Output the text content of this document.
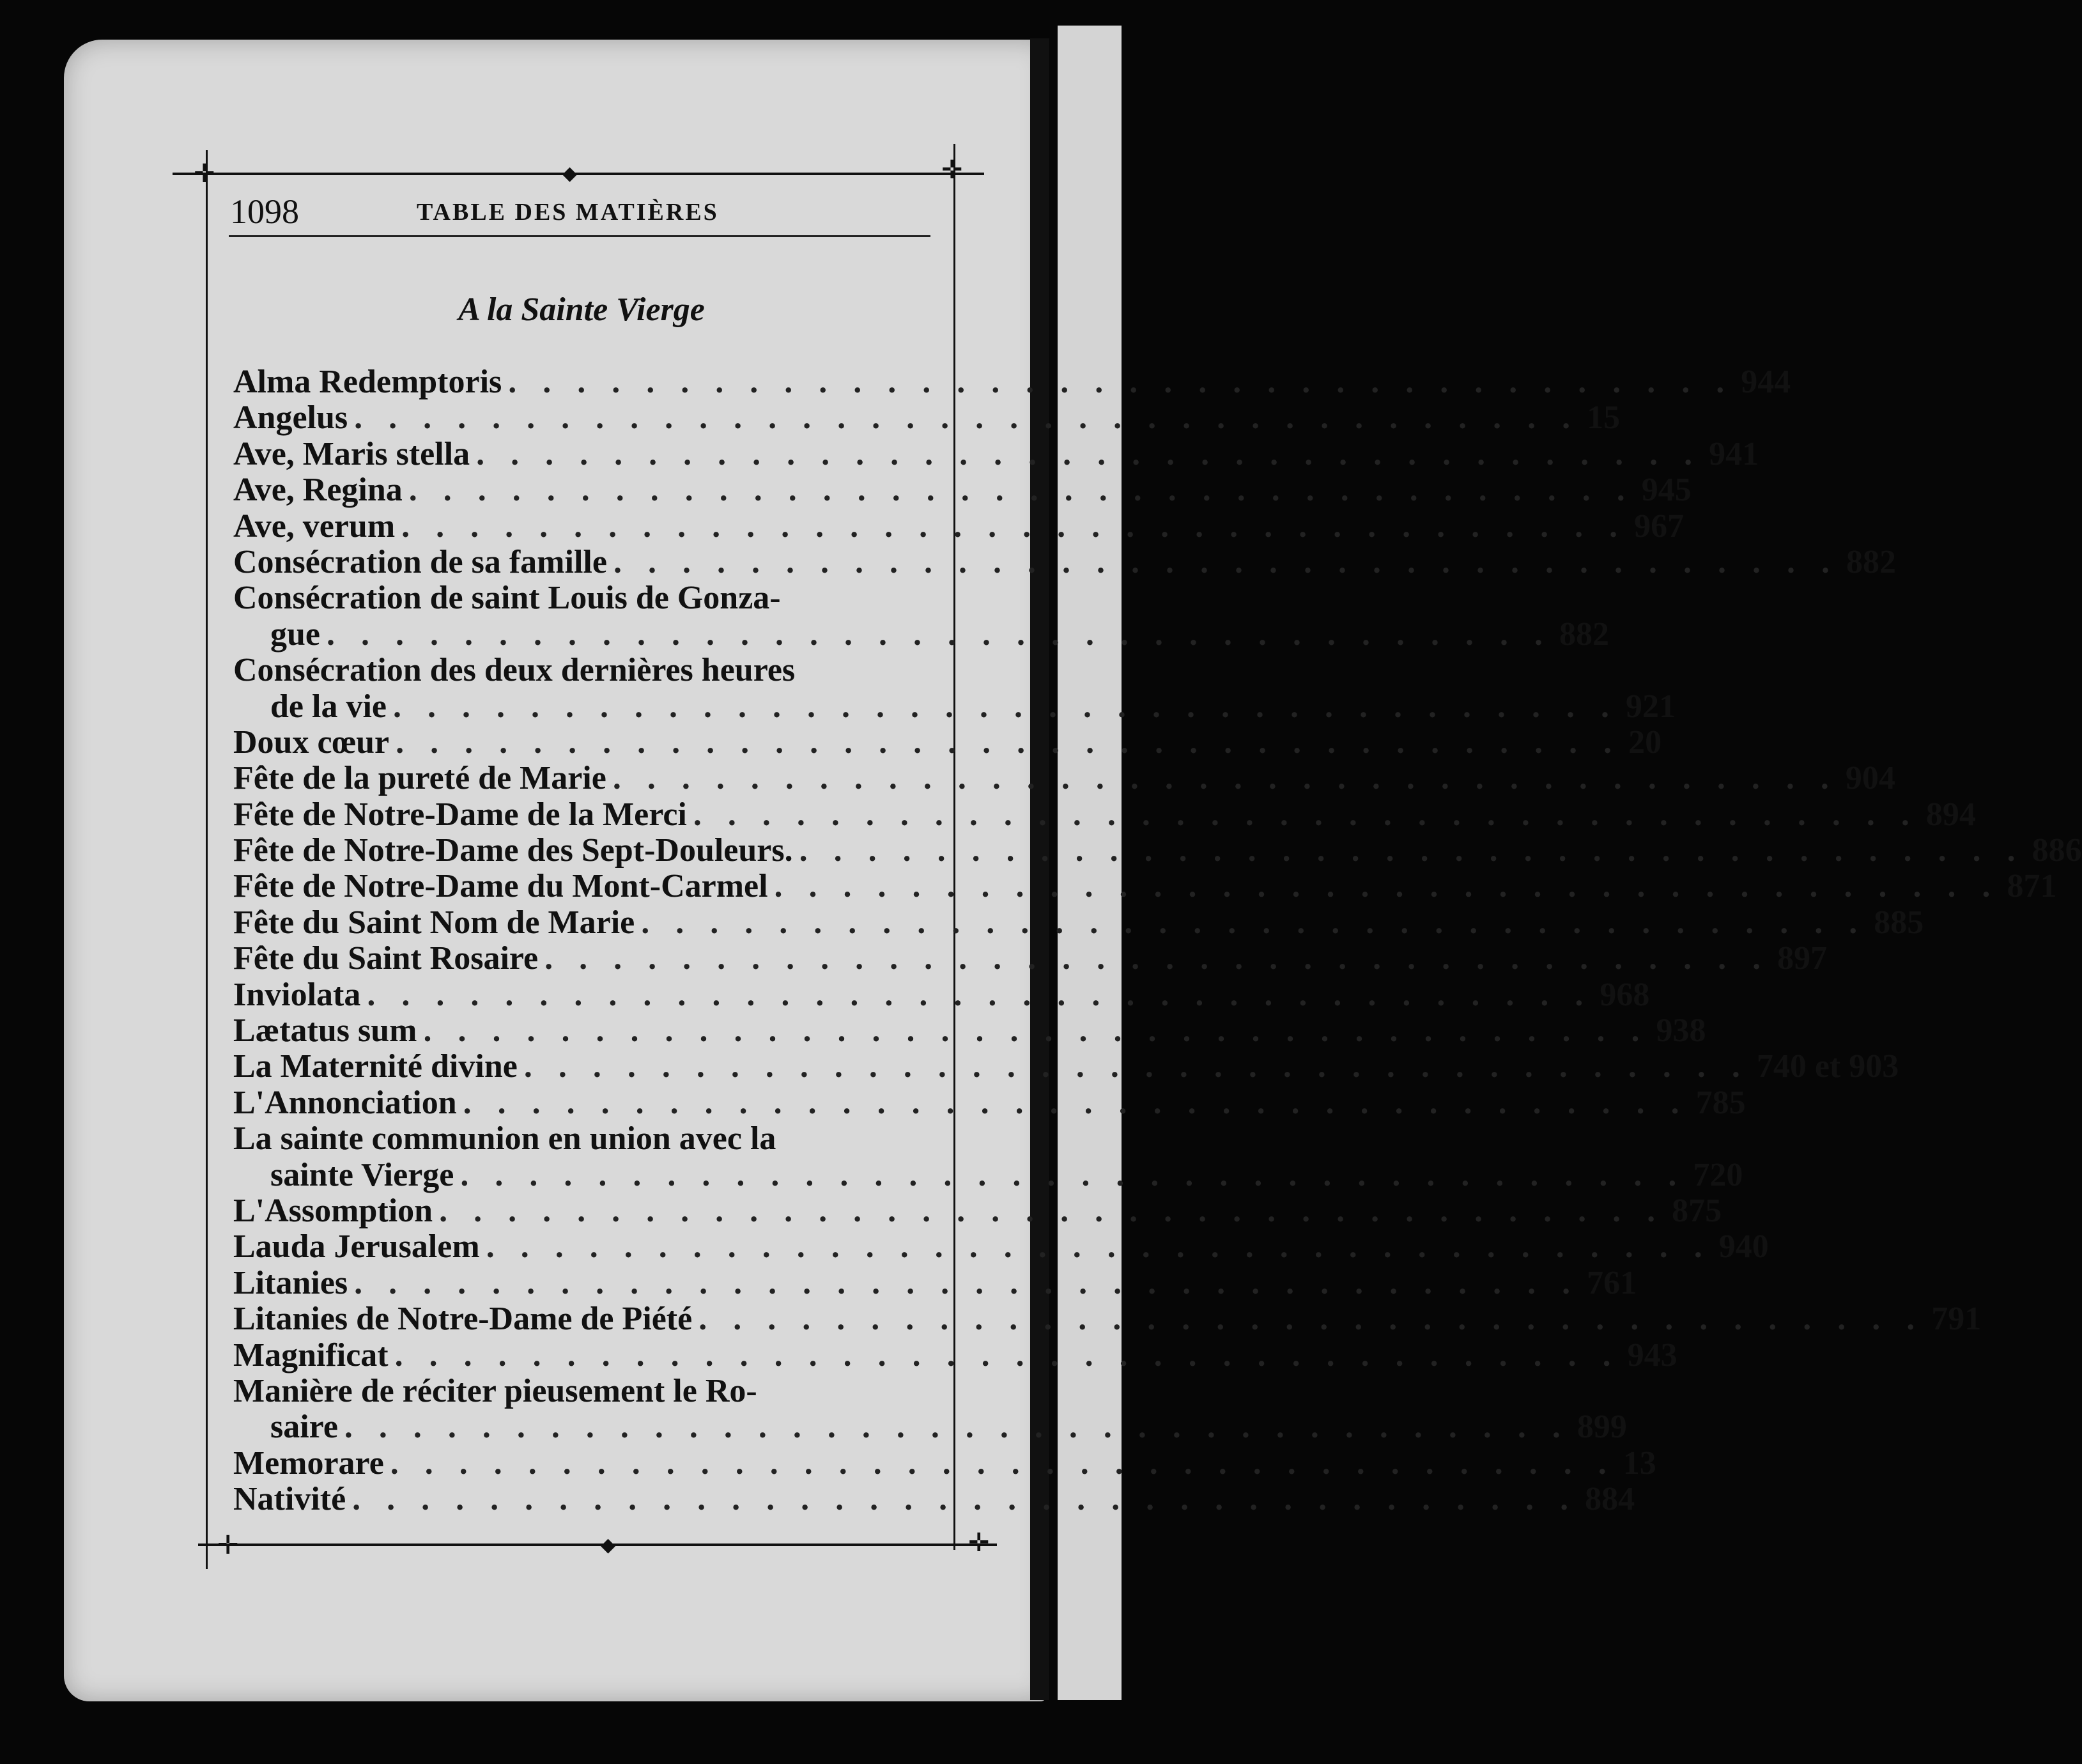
✛	✛
✛	✛
◆
◆
1098	TABLE DES MATIÈRES
A la Sainte Vierge
Alma Redemptoris . . . . . . . . . . . . . . . . . . . . . . . . . . . . . . . . . . . . 944
Angelus . . . . . . . . . . . . . . . . . . . . . . . . . . . . . . . . . . . . 15
Ave, Maris stella . . . . . . . . . . . . . . . . . . . . . . . . . . . . . . . . . . . . 941
Ave, Regina . . . . . . . . . . . . . . . . . . . . . . . . . . . . . . . . . . . . 945
Ave, verum . . . . . . . . . . . . . . . . . . . . . . . . . . . . . . . . . . . . 967
Consécration de sa famille . . . . . . . . . . . . . . . . . . . . . . . . . . . . . . . . . . . . 882
Consécration de saint Louis de Gonza-
gue . . . . . . . . . . . . . . . . . . . . . . . . . . . . . . . . . . . . 882
Consécration des deux dernières heures
de la vie . . . . . . . . . . . . . . . . . . . . . . . . . . . . . . . . . . . . 921
Doux cœur . . . . . . . . . . . . . . . . . . . . . . . . . . . . . . . . . . . . 20
Fête de la pureté de Marie . . . . . . . . . . . . . . . . . . . . . . . . . . . . . . . . . . . . 904
Fête de Notre-Dame de la Merci . . . . . . . . . . . . . . . . . . . . . . . . . . . . . . . . . . . . 894
Fête de Notre-Dame des Sept-Douleurs. . . . . . . . . . . . . . . . . . . . . . . . . . . . . . . . . . . . . 886
Fête de Notre-Dame du Mont-Carmel . . . . . . . . . . . . . . . . . . . . . . . . . . . . . . . . . . . . 871
Fête du Saint Nom de Marie . . . . . . . . . . . . . . . . . . . . . . . . . . . . . . . . . . . . 885
Fête du Saint Rosaire . . . . . . . . . . . . . . . . . . . . . . . . . . . . . . . . . . . . 897
Inviolata . . . . . . . . . . . . . . . . . . . . . . . . . . . . . . . . . . . . 968
Lætatus sum . . . . . . . . . . . . . . . . . . . . . . . . . . . . . . . . . . . . 938
La Maternité divine . . . . . . . . . . . . . . . . . . . . . . . . . . . . . . . . . . . . 740 et 903
L'Annonciation . . . . . . . . . . . . . . . . . . . . . . . . . . . . . . . . . . . . 785
La sainte communion en union avec la
sainte Vierge . . . . . . . . . . . . . . . . . . . . . . . . . . . . . . . . . . . . 720
L'Assomption . . . . . . . . . . . . . . . . . . . . . . . . . . . . . . . . . . . . 875
Lauda Jerusalem . . . . . . . . . . . . . . . . . . . . . . . . . . . . . . . . . . . . 940
Litanies . . . . . . . . . . . . . . . . . . . . . . . . . . . . . . . . . . . . 761
Litanies de Notre-Dame de Piété . . . . . . . . . . . . . . . . . . . . . . . . . . . . . . . . . . . . 791
Magnificat . . . . . . . . . . . . . . . . . . . . . . . . . . . . . . . . . . . . 943
Manière de réciter pieusement le Ro-
saire . . . . . . . . . . . . . . . . . . . . . . . . . . . . . . . . . . . . 899
Memorare . . . . . . . . . . . . . . . . . . . . . . . . . . . . . . . . . . . . 13
Nativité . . . . . . . . . . . . . . . . . . . . . . . . . . . . . . . . . . . . 884
